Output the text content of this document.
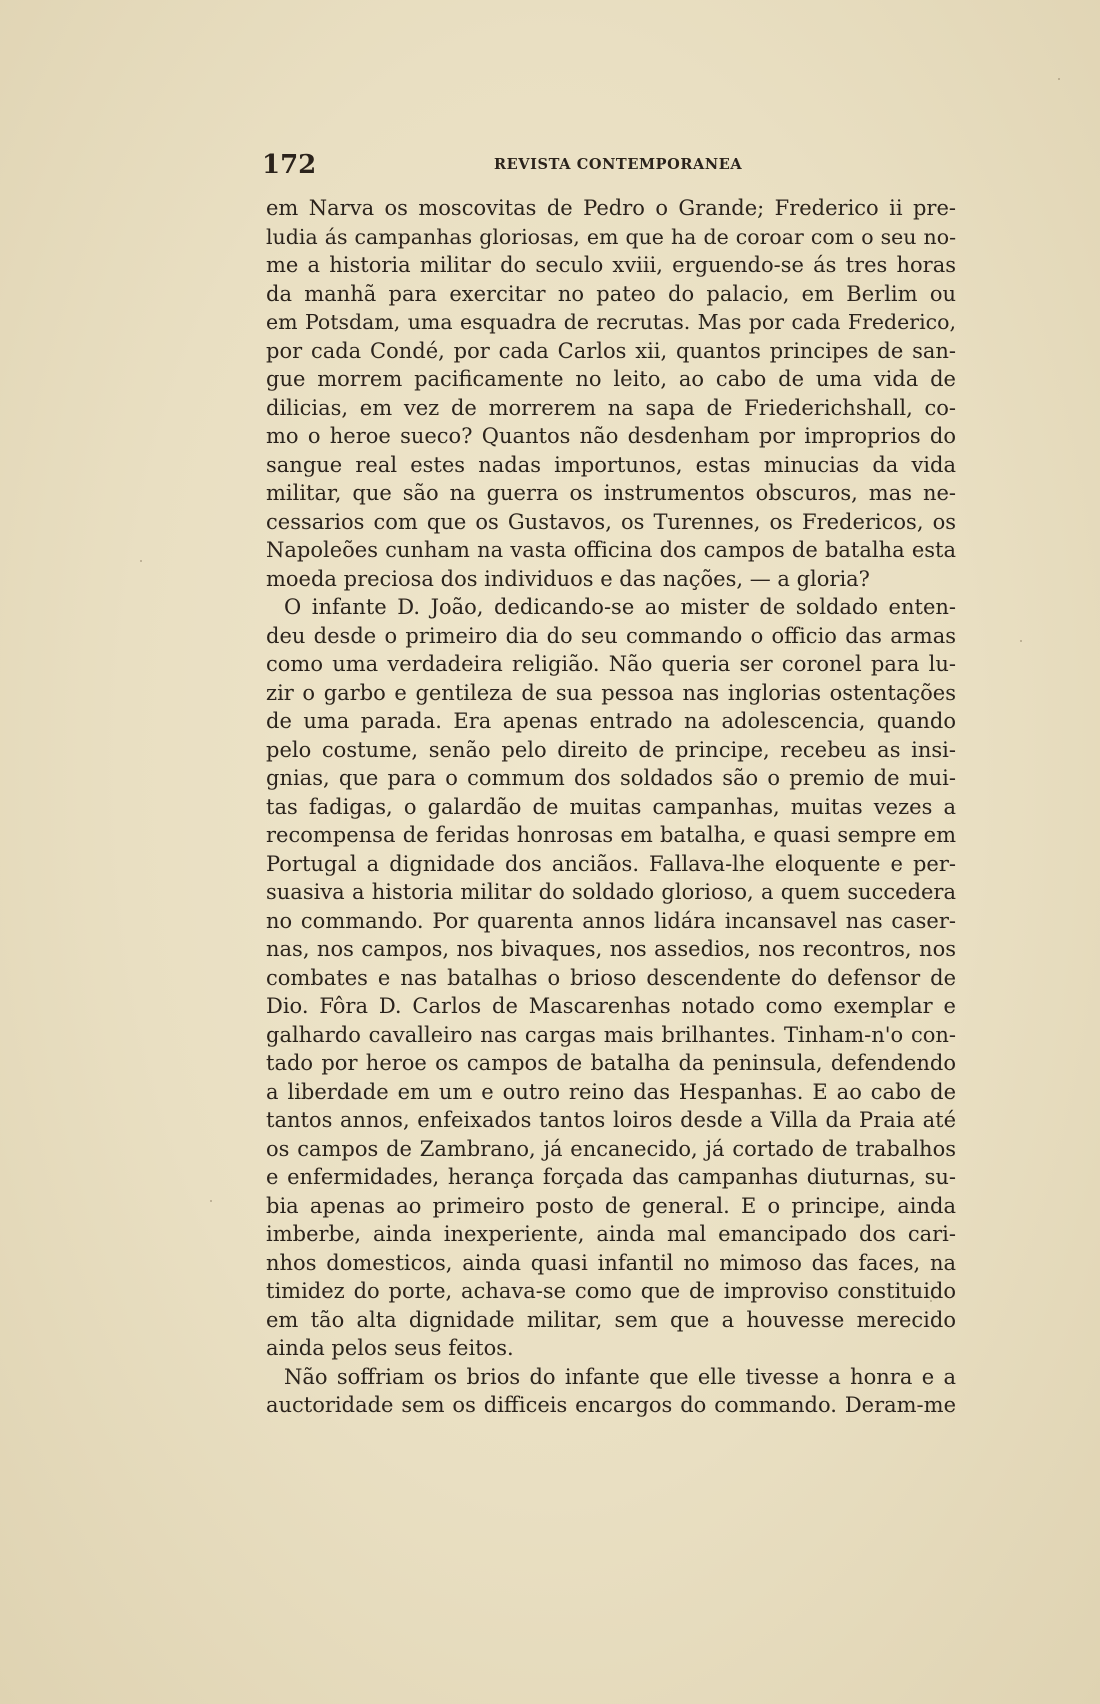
172	REVISTA CONTEMPORANEA
em Narva os moscovitas de Pedro o Grande; Frederico ii pre-
ludia ás campanhas gloriosas, em que ha de coroar com o seu no-
me a historia militar do seculo xviii, erguendo-se ás tres horas
da manhã para exercitar no pateo do palacio, em Berlim ou
em Potsdam, uma esquadra de recrutas. Mas por cada Frederico,
por cada Condé, por cada Carlos xii, quantos principes de san-
gue morrem pacificamente no leito, ao cabo de uma vida de
dilicias, em vez de morrerem na sapa de Friederichshall, co-
mo o heroe sueco? Quantos não desdenham por improprios do
sangue real estes nadas importunos, estas minucias da vida
militar, que são na guerra os instrumentos obscuros, mas ne-
cessarios com que os Gustavos, os Turennes, os Fredericos, os
Napoleões cunham na vasta officina dos campos de batalha esta
moeda preciosa dos individuos e das nações, — a gloria?
O infante D. João, dedicando-se ao mister de soldado enten-
deu desde o primeiro dia do seu commando o officio das armas
como uma verdadeira religião. Não queria ser coronel para lu-
zir o garbo e gentileza de sua pessoa nas inglorias ostentações
de uma parada. Era apenas entrado na adolescencia, quando
pelo costume, senão pelo direito de principe, recebeu as insi-
gnias, que para o commum dos soldados são o premio de mui-
tas fadigas, o galardão de muitas campanhas, muitas vezes a
recompensa de feridas honrosas em batalha, e quasi sempre em
Portugal a dignidade dos anciãos. Fallava-lhe eloquente e per-
suasiva a historia militar do soldado glorioso, a quem succedera
no commando. Por quarenta annos lidára incansavel nas caser-
nas, nos campos, nos bivaques, nos assedios, nos recontros, nos
combates e nas batalhas o brioso descendente do defensor de
Dio. Fôra D. Carlos de Mascarenhas notado como exemplar e
galhardo cavalleiro nas cargas mais brilhantes. Tinham-n'o con-
tado por heroe os campos de batalha da peninsula, defendendo
a liberdade em um e outro reino das Hespanhas. E ao cabo de
tantos annos, enfeixados tantos loiros desde a Villa da Praia até
os campos de Zambrano, já encanecido, já cortado de trabalhos
e enfermidades, herança forçada das campanhas diuturnas, su-
bia apenas ao primeiro posto de general. E o principe, ainda
imberbe, ainda inexperiente, ainda mal emancipado dos cari-
nhos domesticos, ainda quasi infantil no mimoso das faces, na
timidez do porte, achava-se como que de improviso constituido
em tão alta dignidade militar, sem que a houvesse merecido
ainda pelos seus feitos.
Não soffriam os brios do infante que elle tivesse a honra e a
auctoridade sem os difficeis encargos do commando. Deram-me
